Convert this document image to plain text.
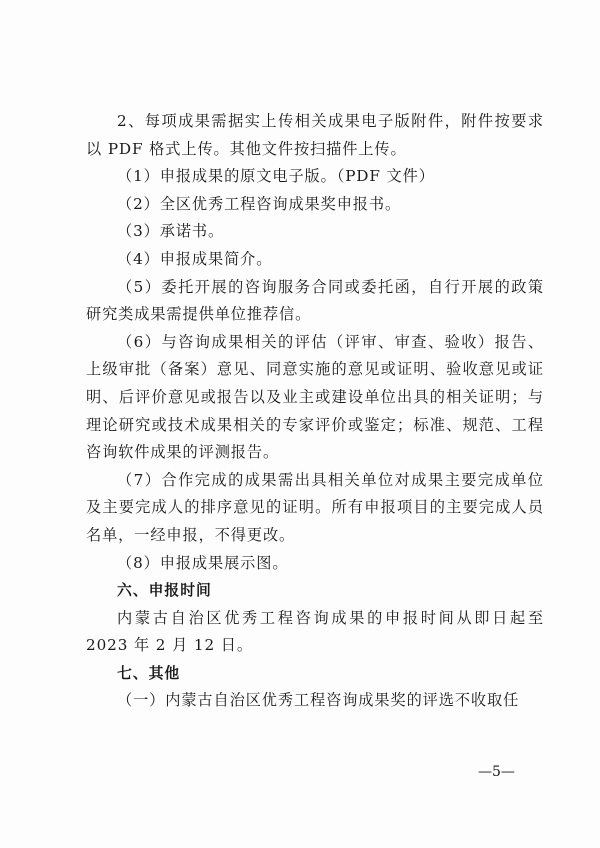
2、每项成果需据实上传相关成果电子版附件，附件按要求以 PDF 格式上传。其他文件按扫描件上传。

（1）申报成果的原文电子版。（PDF 文件）

（2）全区优秀工程咨询成果奖申报书。

（3）承诺书。

（4）申报成果简介。

（5）委托开展的咨询服务合同或委托函，自行开展的政策研究类成果需提供单位推荐信。

（6）与咨询成果相关的评估（评审、审查、验收）报告、上级审批（备案）意见、同意实施的意见或证明、验收意见或证明、后评价意见或报告以及业主或建设单位出具的相关证明；与理论研究或技术成果相关的专家评价或鉴定；标准、规范、工程咨询软件成果的评测报告。

（7）合作完成的成果需出具相关单位对成果主要完成单位及主要完成人的排序意见的证明。所有申报项目的主要完成人员名单，一经申报，不得更改。

（8）申报成果展示图。

六、申报时间

内蒙古自治区优秀工程咨询成果的申报时间从即日起至 2023 年 2 月 12 日。

七、其他

（一）内蒙古自治区优秀工程咨询成果奖的评选不收取任

—5—
